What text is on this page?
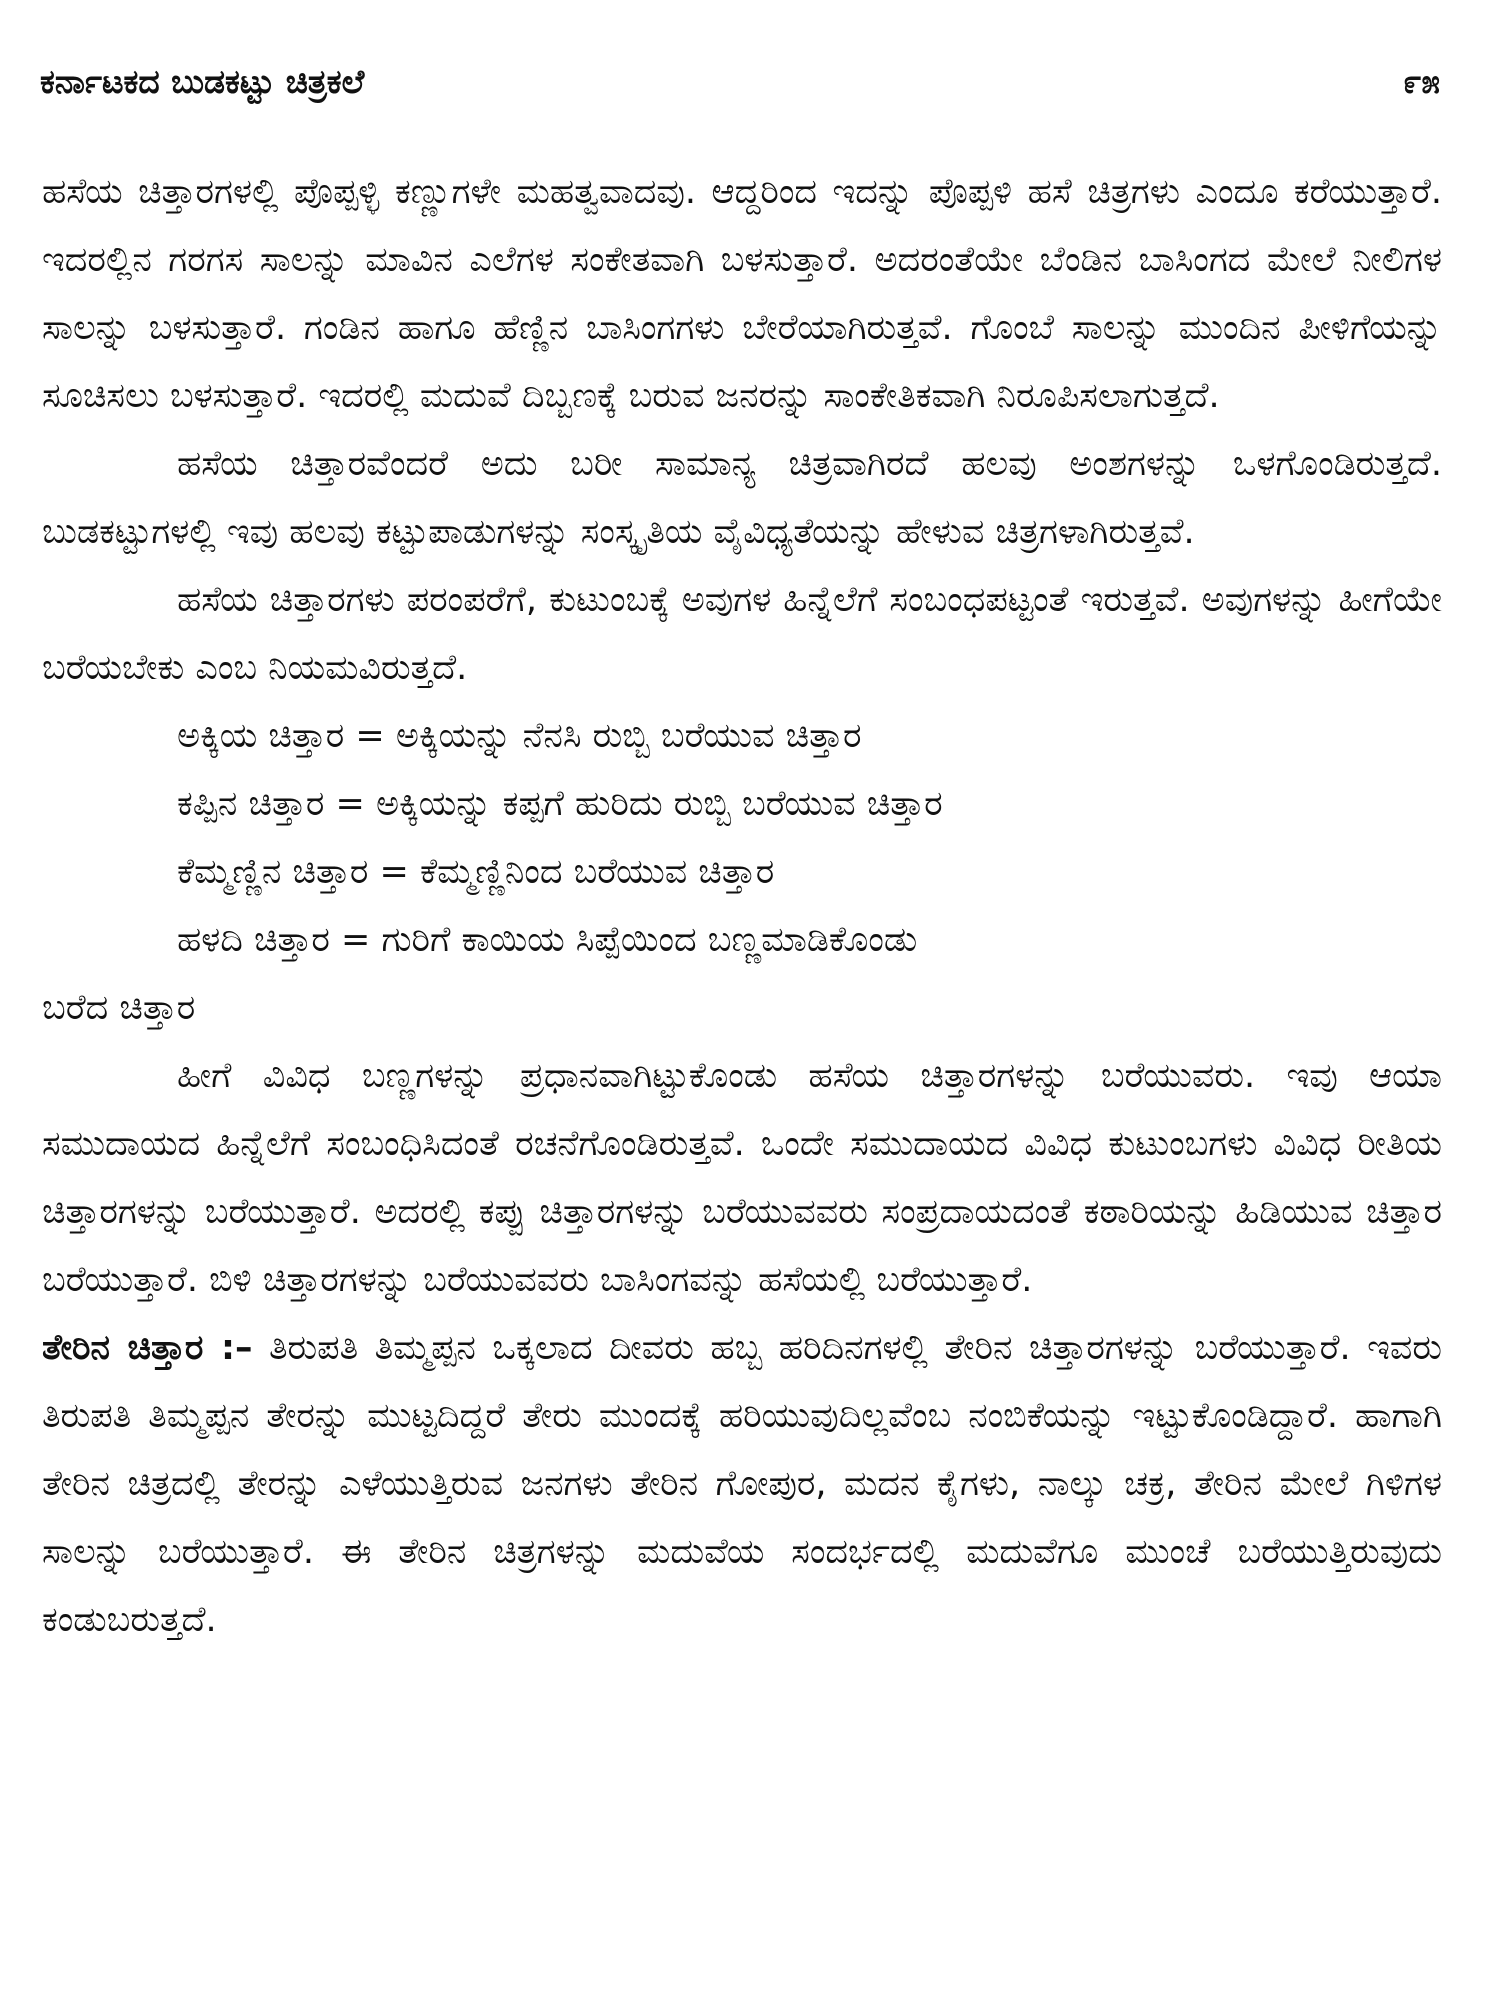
ಕರ್ನಾಟಕದ ಬುಡಕಟ್ಟು ಚಿತ್ರಕಲೆ	೯೫

ಹಸೆಯ ಚಿತ್ತಾರಗಳಲ್ಲಿ ಪೊಪ್ಪಳ್ಳಿ ಕಣ್ಣುಗಳೇ ಮಹತ್ವವಾದವು. ಆದ್ದರಿಂದ ಇದನ್ನು ಪೊಪ್ಪಳಿ ಹಸೆ ಚಿತ್ರಗಳು ಎಂದೂ ಕರೆಯುತ್ತಾರೆ. ಇದರಲ್ಲಿನ ಗರಗಸ ಸಾಲನ್ನು ಮಾವಿನ ಎಲೆಗಳ ಸಂಕೇತವಾಗಿ ಬಳಸುತ್ತಾರೆ. ಅದರಂತೆಯೇ ಬೆಂಡಿನ ಬಾಸಿಂಗದ ಮೇಲೆ ನೀಲಿಗಳ ಸಾಲನ್ನು ಬಳಸುತ್ತಾರೆ. ಗಂಡಿನ ಹಾಗೂ ಹೆಣ್ಣಿನ ಬಾಸಿಂಗಗಳು ಬೇರೆಯಾಗಿರುತ್ತವೆ. ಗೊಂಬೆ ಸಾಲನ್ನು ಮುಂದಿನ ಪೀಳಿಗೆಯನ್ನು ಸೂಚಿಸಲು ಬಳಸುತ್ತಾರೆ. ಇದರಲ್ಲಿ ಮದುವೆ ದಿಬ್ಬಣಕ್ಕೆ ಬರುವ ಜನರನ್ನು ಸಾಂಕೇತಿಕವಾಗಿ ನಿರೂಪಿಸಲಾಗುತ್ತದೆ.

ಹಸೆಯ ಚಿತ್ತಾರವೆಂದರೆ ಅದು ಬರೀ ಸಾಮಾನ್ಯ ಚಿತ್ರವಾಗಿರದೆ ಹಲವು ಅಂಶಗಳನ್ನು ಒಳಗೊಂಡಿರುತ್ತದೆ. ಬುಡಕಟ್ಟುಗಳಲ್ಲಿ ಇವು ಹಲವು ಕಟ್ಟುಪಾಡುಗಳನ್ನು ಸಂಸ್ಕೃತಿಯ ವೈವಿಧ್ಯತೆಯನ್ನು ಹೇಳುವ ಚಿತ್ರಗಳಾಗಿರುತ್ತವೆ.

ಹಸೆಯ ಚಿತ್ತಾರಗಳು ಪರಂಪರೆಗೆ, ಕುಟುಂಬಕ್ಕೆ ಅವುಗಳ ಹಿನ್ನೆಲೆಗೆ ಸಂಬಂಧಪಟ್ಟಂತೆ ಇರುತ್ತವೆ. ಅವುಗಳನ್ನು ಹೀಗೆಯೇ ಬರೆಯಬೇಕು ಎಂಬ ನಿಯಮವಿರುತ್ತದೆ.

ಅಕ್ಕಿಯ ಚಿತ್ತಾರ = ಅಕ್ಕಿಯನ್ನು ನೆನಸಿ ರುಬ್ಬಿ ಬರೆಯುವ ಚಿತ್ತಾರ
ಕಪ್ಪಿನ ಚಿತ್ತಾರ = ಅಕ್ಕಿಯನ್ನು ಕಪ್ಪಗೆ ಹುರಿದು ರುಬ್ಬಿ ಬರೆಯುವ ಚಿತ್ತಾರ
ಕೆಮ್ಮಣ್ಣಿನ ಚಿತ್ತಾರ = ಕೆಮ್ಮಣ್ಣಿನಿಂದ ಬರೆಯುವ ಚಿತ್ತಾರ
ಹಳದಿ ಚಿತ್ತಾರ = ಗುರಿಗೆ ಕಾಯಿಯ ಸಿಪ್ಪೆಯಿಂದ ಬಣ್ಣಮಾಡಿಕೊಂಡು
ಬರೆದ ಚಿತ್ತಾರ

ಹೀಗೆ ವಿವಿಧ ಬಣ್ಣಗಳನ್ನು ಪ್ರಧಾನವಾಗಿಟ್ಟುಕೊಂಡು ಹಸೆಯ ಚಿತ್ತಾರಗಳನ್ನು ಬರೆಯುವರು. ಇವು ಆಯಾ ಸಮುದಾಯದ ಹಿನ್ನೆಲೆಗೆ ಸಂಬಂಧಿಸಿದಂತೆ ರಚನೆಗೊಂಡಿರುತ್ತವೆ. ಒಂದೇ ಸಮುದಾಯದ ವಿವಿಧ ಕುಟುಂಬಗಳು ವಿವಿಧ ರೀತಿಯ ಚಿತ್ತಾರಗಳನ್ನು ಬರೆಯುತ್ತಾರೆ. ಅದರಲ್ಲಿ ಕಪ್ಪು ಚಿತ್ತಾರಗಳನ್ನು ಬರೆಯುವವರು ಸಂಪ್ರದಾಯದಂತೆ ಕಠಾರಿಯನ್ನು ಹಿಡಿಯುವ ಚಿತ್ತಾರ ಬರೆಯುತ್ತಾರೆ. ಬಿಳಿ ಚಿತ್ತಾರಗಳನ್ನು ಬರೆಯುವವರು ಬಾಸಿಂಗವನ್ನು ಹಸೆಯಲ್ಲಿ ಬರೆಯುತ್ತಾರೆ.

ತೇರಿನ ಚಿತ್ತಾರ :– ತಿರುಪತಿ ತಿಮ್ಮಪ್ಪನ ಒಕ್ಕಲಾದ ದೀವರು ಹಬ್ಬ ಹರಿದಿನಗಳಲ್ಲಿ ತೇರಿನ ಚಿತ್ತಾರಗಳನ್ನು ಬರೆಯುತ್ತಾರೆ. ಇವರು ತಿರುಪತಿ ತಿಮ್ಮಪ್ಪನ ತೇರನ್ನು ಮುಟ್ಟದಿದ್ದರೆ ತೇರು ಮುಂದಕ್ಕೆ ಹರಿಯುವುದಿಲ್ಲವೆಂಬ ನಂಬಿಕೆಯನ್ನು ಇಟ್ಟುಕೊಂಡಿದ್ದಾರೆ. ಹಾಗಾಗಿ ತೇರಿನ ಚಿತ್ರದಲ್ಲಿ ತೇರನ್ನು ಎಳೆಯುತ್ತಿರುವ ಜನಗಳು ತೇರಿನ ಗೋಪುರ, ಮದನ ಕೈಗಳು, ನಾಲ್ಕು ಚಕ್ರ, ತೇರಿನ ಮೇಲೆ ಗಿಳಿಗಳ ಸಾಲನ್ನು ಬರೆಯುತ್ತಾರೆ. ಈ ತೇರಿನ ಚಿತ್ರಗಳನ್ನು ಮದುವೆಯ ಸಂದರ್ಭದಲ್ಲಿ ಮದುವೆಗೂ ಮುಂಚೆ ಬರೆಯುತ್ತಿರುವುದು ಕಂಡುಬರುತ್ತದೆ.
